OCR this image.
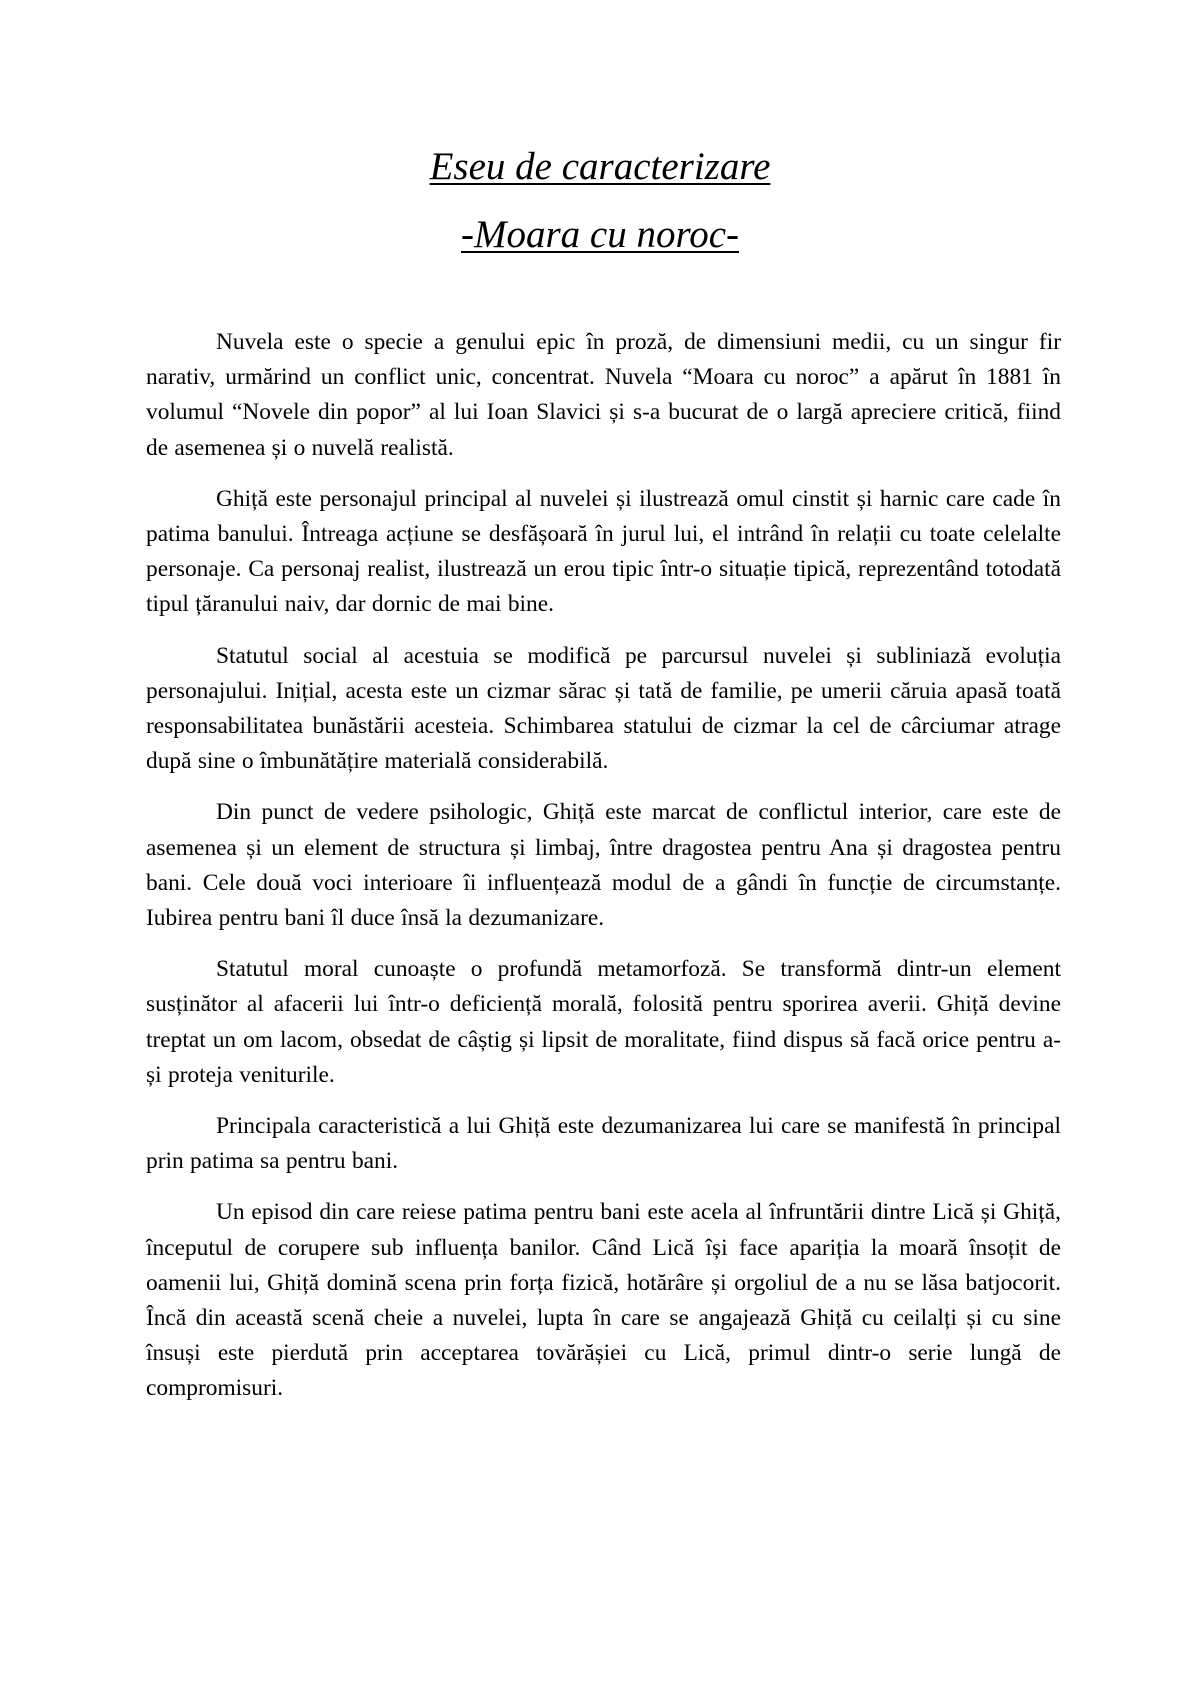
Eseu de caracterizare
-Moara cu noroc-

Nuvela este o specie a genului epic în proză, de dimensiuni medii, cu un singur fir narativ, urmărind un conflict unic, concentrat. Nuvela “Moara cu noroc” a apărut în 1881 în volumul “Novele din popor” al lui Ioan Slavici și s-a bucurat de o largă apreciere critică, fiind de asemenea și o nuvelă realistă.

Ghiță este personajul principal al nuvelei și ilustrează omul cinstit și harnic care cade în patima banului. Întreaga acțiune se desfășoară în jurul lui, el intrând în relații cu toate celelalte personaje. Ca personaj realist, ilustrează un erou tipic într-o situație tipică, reprezentând totodată tipul țăranului naiv, dar dornic de mai bine.

Statutul social al acestuia se modifică pe parcursul nuvelei și subliniază evoluția personajului. Inițial, acesta este un cizmar sărac și tată de familie, pe umerii căruia apasă toată responsabilitatea bunăstării acesteia. Schimbarea statului de cizmar la cel de cârciumar atrage după sine o îmbunătățire materială considerabilă.

Din punct de vedere psihologic, Ghiță este marcat de conflictul interior, care este de asemenea și un element de structura și limbaj, între dragostea pentru Ana și dragostea pentru bani. Cele două voci interioare îi influențează modul de a gândi în funcție de circumstanțe. Iubirea pentru bani îl duce însă la dezumanizare.

Statutul moral cunoaște o profundă metamorfoză. Se transformă dintr-un element susținător al afacerii lui într-o deficiență morală, folosită pentru sporirea averii. Ghiță devine treptat un om lacom, obsedat de câștig și lipsit de moralitate, fiind dispus să facă orice pentru a-și proteja veniturile.

Principala caracteristică a lui Ghiță este dezumanizarea lui care se manifestă în principal prin patima sa pentru bani.

Un episod din care reiese patima pentru bani este acela al înfruntării dintre Lică și Ghiță, începutul de corupere sub influența banilor. Când Lică își face apariția la moară însoțit de oamenii lui, Ghiță domină scena prin forța fizică, hotărâre și orgoliul de a nu se lăsa batjocorit. Încă din această scenă cheie a nuvelei, lupta în care se angajează Ghiță cu ceilalți și cu sine însuși este pierdută prin acceptarea tovărășiei cu Lică, primul dintr-o serie lungă de compromisuri.
